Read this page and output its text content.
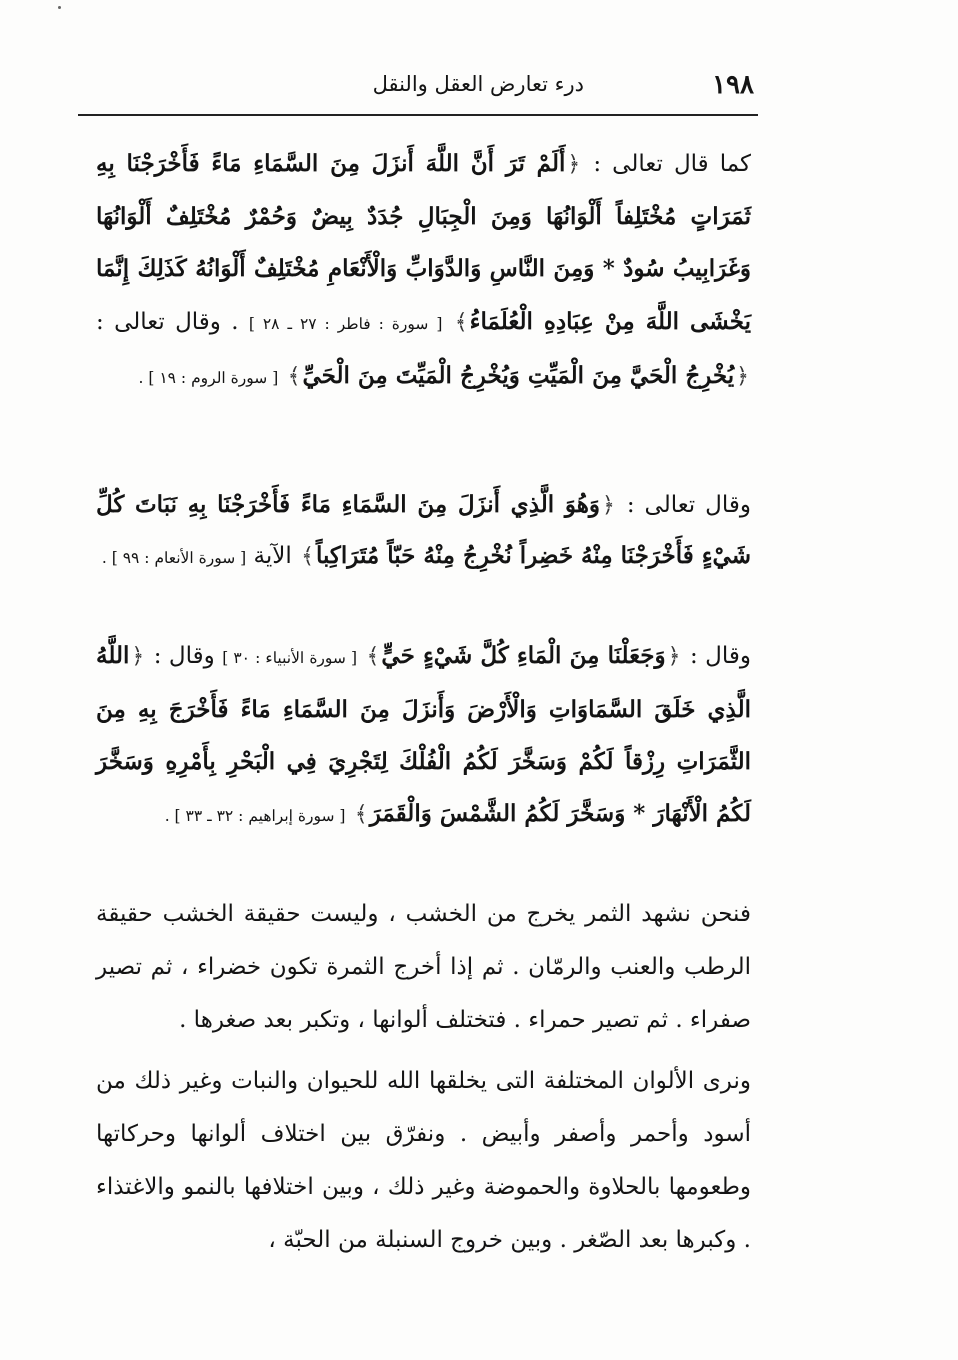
١٩٨
درء تعارض العقل والنقل
كما قال تعالى : ﴿أَلَمْ تَرَ أَنَّ اللَّهَ أَنزَلَ مِنَ السَّمَاءِ مَاءً فَأَخْرَجْنَا بِهِ ثَمَرَاتٍ مُخْتَلِفاً أَلْوَانُهَا وَمِنَ الْجِبَالِ جُدَدٌ بِيضٌ وَحُمْرٌ مُخْتَلِفٌ أَلْوَانُهَا وَغَرَابِيبُ سُودٌ * وَمِنَ النَّاسِ وَالدَّوَابِّ وَالْأَنْعَامِ مُخْتَلِفٌ أَلْوَانُهُ كَذَلِكَ إِنَّمَا يَخْشَى اللَّهَ مِنْ عِبَادِهِ الْعُلَمَاءُ﴾ [ سورة : فاطر : ٢٧ ـ ٢٨ ] . وقال تعالى : ﴿يُخْرِجُ الْحَيَّ مِنَ الْمَيِّتِ وَيُخْرِجُ الْمَيِّتَ مِنَ الْحَيِّ﴾ [ سورة الروم : ١٩ ] .
وقال تعالى : ﴿وَهُوَ الَّذِي أَنزَلَ مِنَ السَّمَاءِ مَاءً فَأَخْرَجْنَا بِهِ نَبَاتَ كُلِّ شَيْءٍ فَأَخْرَجْنَا مِنْهُ خَضِراً نُخْرِجُ مِنْهُ حَبّاً مُتَرَاكِباً﴾ الآية [ سورة الأنعام : ٩٩ ] .
وقال : ﴿وَجَعَلْنَا مِنَ الْمَاءِ كُلَّ شَيْءٍ حَيٍّ﴾ [ سورة الأنبياء : ٣٠ ] وقال : ﴿اللَّهُ الَّذِي خَلَقَ السَّمَاوَاتِ وَالْأَرْضَ وَأَنزَلَ مِنَ السَّمَاءِ مَاءً فَأَخْرَجَ بِهِ مِنَ الثَّمَرَاتِ رِزْقاً لَكُمْ وَسَخَّرَ لَكُمُ الْفُلْكَ لِتَجْرِيَ فِي الْبَحْرِ بِأَمْرِهِ وَسَخَّرَ لَكُمُ الْأَنْهَارَ * وَسَخَّرَ لَكُمُ الشَّمْسَ وَالْقَمَرَ﴾ [ سورة إبراهيم : ٣٢ ـ ٣٣ ] .
فنحن نشهد الثمر يخرج من الخشب ، وليست حقيقة الخشب حقيقة الرطب والعنب والرمّان . ثم إذا أخرج الثمرة تكون خضراء ، ثم تصير صفراء . ثم تصير حمراء . فتختلف ألوانها ، وتكبر بعد صغرها .
ونرى الألوان المختلفة التى يخلقها الله للحيوان والنبات وغير ذلك من أسود وأحمر وأصفر وأبيض . ونفرّق بين اختلاف ألوانها وحركاتها وطعومها بالحلاوة والحموضة وغير ذلك ، وبين اختلافها بالنمو والاغتذاء . وكبرها بعد الصّغر . وبين خروج السنبلة من الحبّة ،
